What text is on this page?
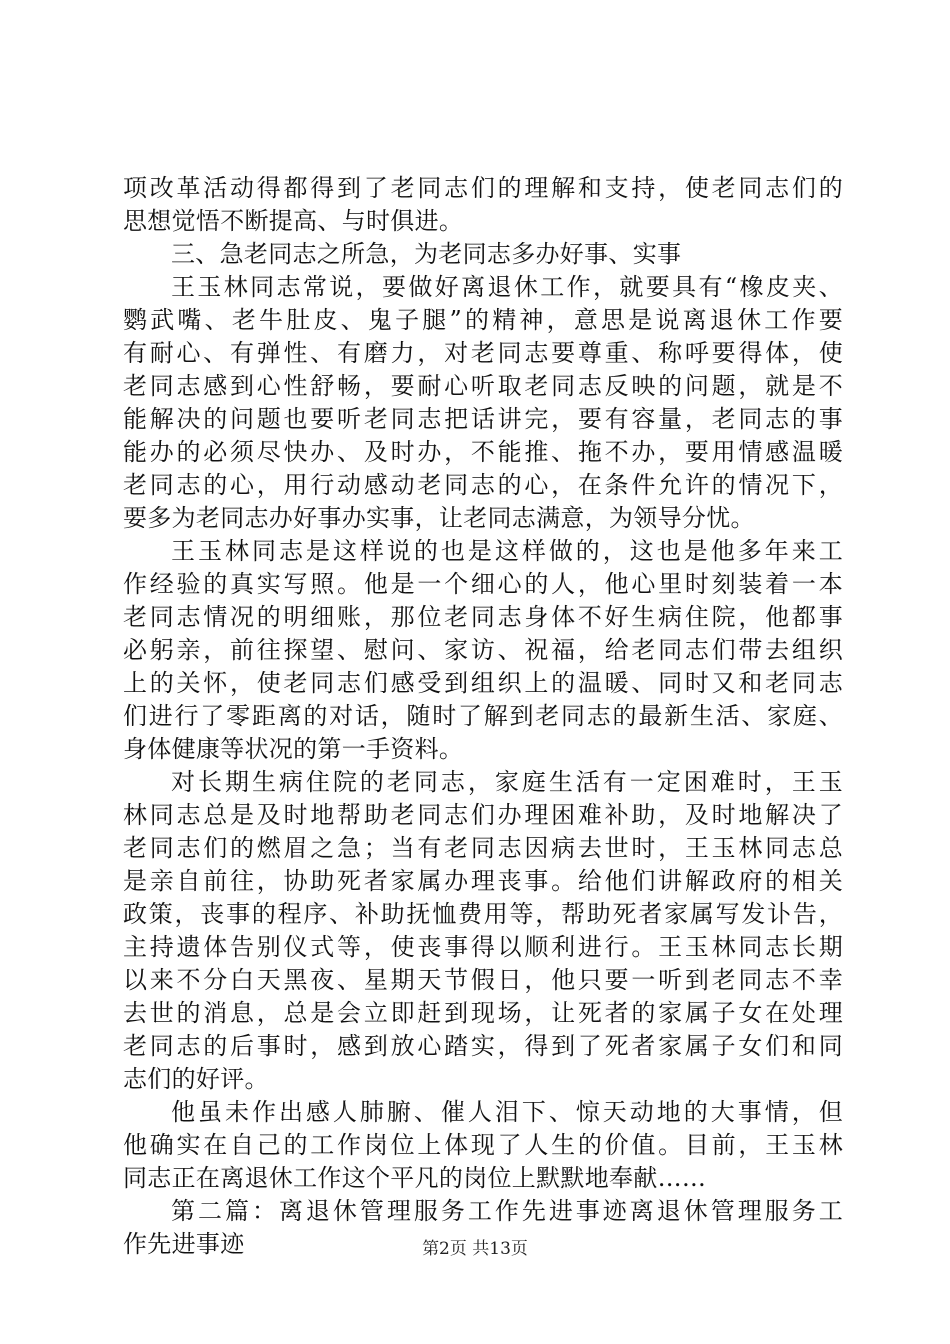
项改革活动得都得到了老同志们的理解和支持，使老同志们的
思想觉悟不断提高、与时俱进。
三、急老同志之所急，为老同志多办好事、实事
王玉林同志常说，要做好离退休工作，就要具有“橡皮夹、
鹦武嘴、老牛肚皮、鬼子腿”的精神，意思是说离退休工作要
有耐心、有弹性、有磨力，对老同志要尊重、称呼要得体，使
老同志感到心性舒畅，要耐心听取老同志反映的问题，就是不
能解决的问题也要听老同志把话讲完，要有容量，老同志的事
能办的必须尽快办、及时办，不能推、拖不办，要用情感温暖
老同志的心，用行动感动老同志的心，在条件允许的情况下，
要多为老同志办好事办实事，让老同志满意，为领导分忧。
王玉林同志是这样说的也是这样做的，这也是他多年来工
作经验的真实写照。他是一个细心的人，他心里时刻装着一本
老同志情况的明细账，那位老同志身体不好生病住院，他都事
必躬亲，前往探望、慰问、家访、祝福，给老同志们带去组织
上的关怀，使老同志们感受到组织上的温暖、同时又和老同志
们进行了零距离的对话，随时了解到老同志的最新生活、家庭、
身体健康等状况的第一手资料。
对长期生病住院的老同志，家庭生活有一定困难时，王玉
林同志总是及时地帮助老同志们办理困难补助，及时地解决了
老同志们的燃眉之急；当有老同志因病去世时，王玉林同志总
是亲自前往，协助死者家属办理丧事。给他们讲解政府的相关
政策，丧事的程序、补助抚恤费用等，帮助死者家属写发讣告，
主持遗体告别仪式等，使丧事得以顺利进行。王玉林同志长期
以来不分白天黑夜、星期天节假日，他只要一听到老同志不幸
去世的消息，总是会立即赶到现场，让死者的家属子女在处理
老同志的后事时，感到放心踏实，得到了死者家属子女们和同
志们的好评。
他虽未作出感人肺腑、催人泪下、惊天动地的大事情，但
他确实在自己的工作岗位上体现了人生的价值。目前，王玉林
同志正在离退休工作这个平凡的岗位上默默地奉献……
第二篇：离退休管理服务工作先进事迹离退休管理服务工
作先进事迹	第2页 共13页
